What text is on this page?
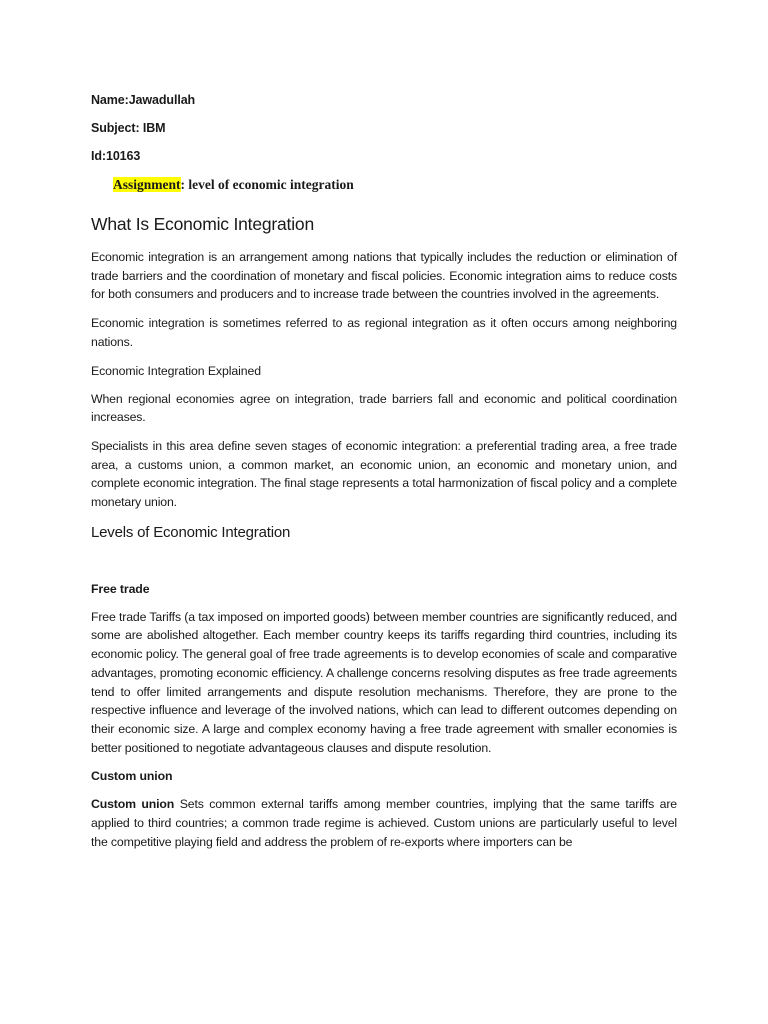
Name:Jawadullah
Subject: IBM
Id:10163
Assignment: level of economic integration
What Is Economic Integration

Economic integration is an arrangement among nations that typically includes the reduction or elimination of trade barriers and the coordination of monetary and fiscal policies. Economic integration aims to reduce costs for both consumers and producers and to increase trade between the countries involved in the agreements.

Economic integration is sometimes referred to as regional integration as it often occurs among neighboring nations.

Economic Integration Explained

When regional economies agree on integration, trade barriers fall and economic and political coordination increases.

Specialists in this area define seven stages of economic integration: a preferential trading area, a free trade area, a customs union, a common market, an economic union, an economic and monetary union, and complete economic integration. The final stage represents a total harmonization of fiscal policy and a complete monetary union.

Levels of Economic Integration
Free trade

Free trade Tariffs (a tax imposed on imported goods) between member countries are significantly reduced, and some are abolished altogether. Each member country keeps its tariffs regarding third countries, including its economic policy. The general goal of free trade agreements is to develop economies of scale and comparative advantages, promoting economic efficiency. A challenge concerns resolving disputes as free trade agreements tend to offer limited arrangements and dispute resolution mechanisms. Therefore, they are prone to the respective influence and leverage of the involved nations, which can lead to different outcomes depending on their economic size. A large and complex economy having a free trade agreement with smaller economies is better positioned to negotiate advantageous clauses and dispute resolution.

Custom union

Custom union Sets common external tariffs among member countries, implying that the same tariffs are applied to third countries; a common trade regime is achieved. Custom unions are particularly useful to level the competitive playing field and address the problem of re-exports where importers can be
